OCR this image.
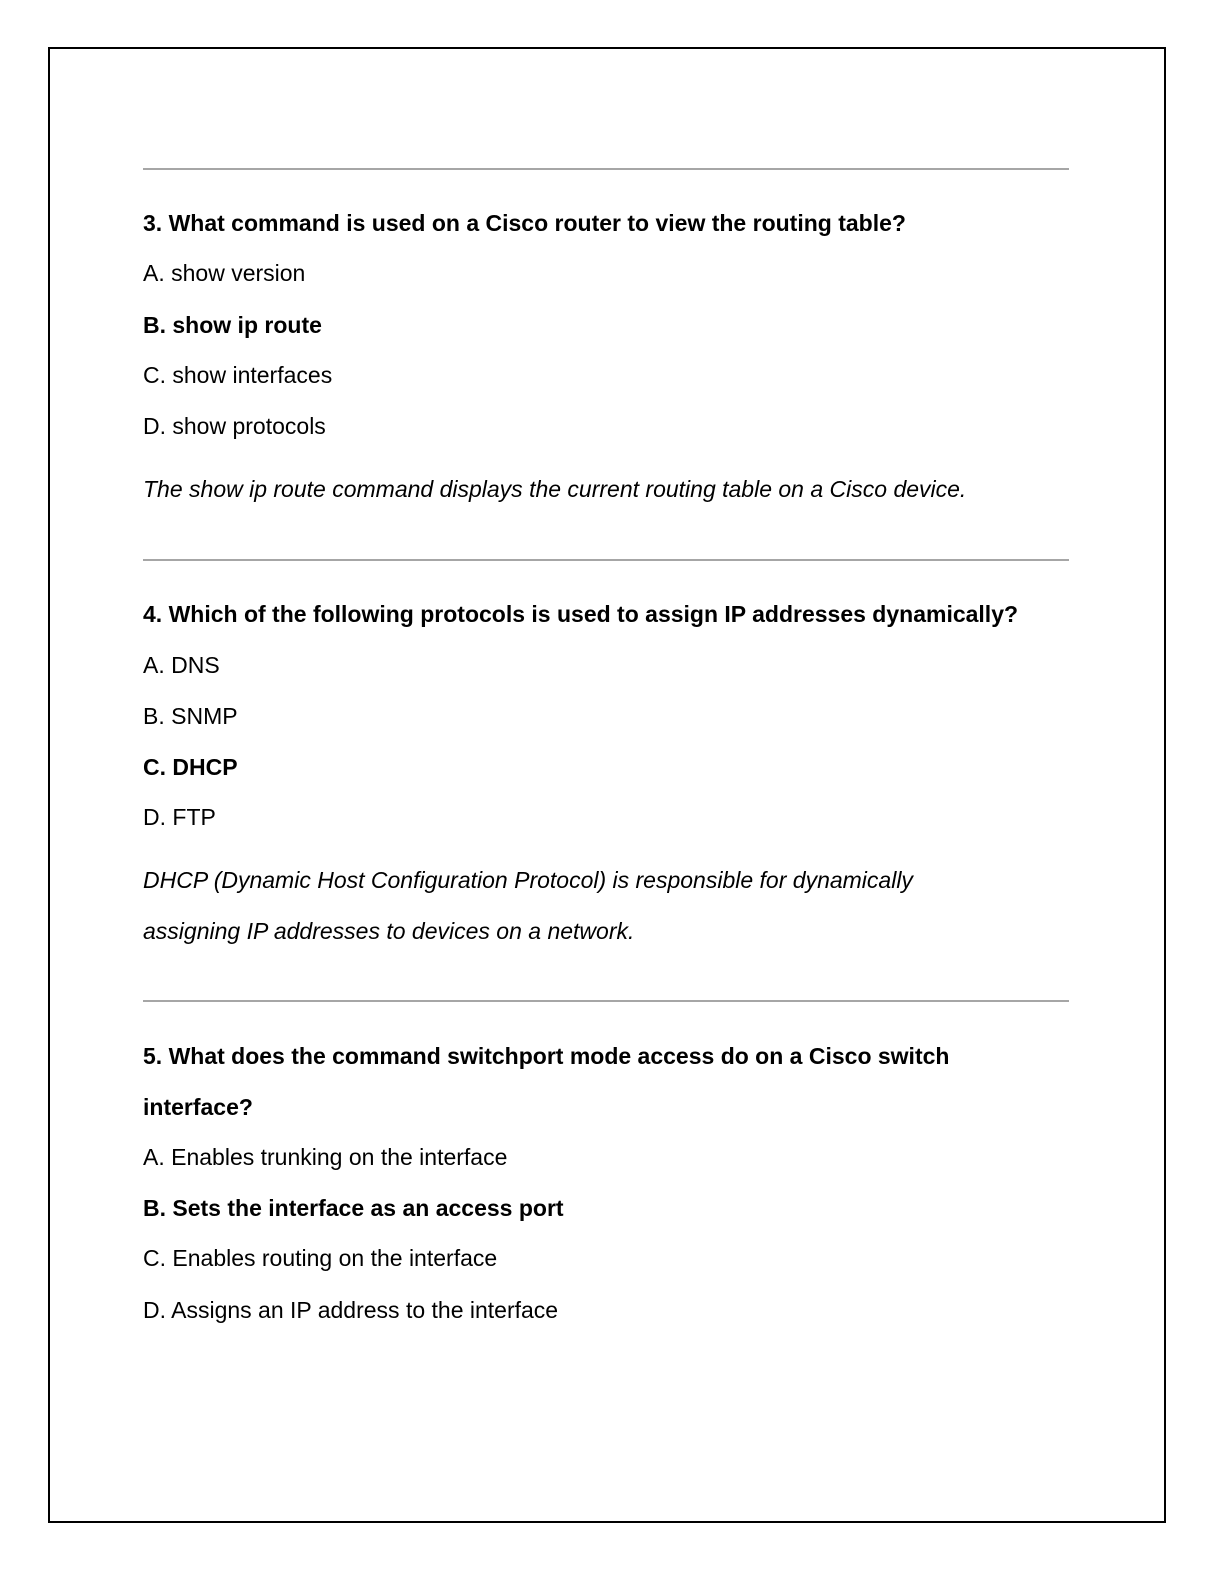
3. What command is used on a Cisco router to view the routing table?
A. show version
B. show ip route
C. show interfaces
D. show protocols
The show ip route command displays the current routing table on a Cisco device.
4. Which of the following protocols is used to assign IP addresses dynamically?
A. DNS
B. SNMP
C. DHCP
D. FTP
DHCP (Dynamic Host Configuration Protocol) is responsible for dynamically
assigning IP addresses to devices on a network.
5. What does the command switchport mode access do on a Cisco switch
interface?
A. Enables trunking on the interface
B. Sets the interface as an access port
C. Enables routing on the interface
D. Assigns an IP address to the interface
